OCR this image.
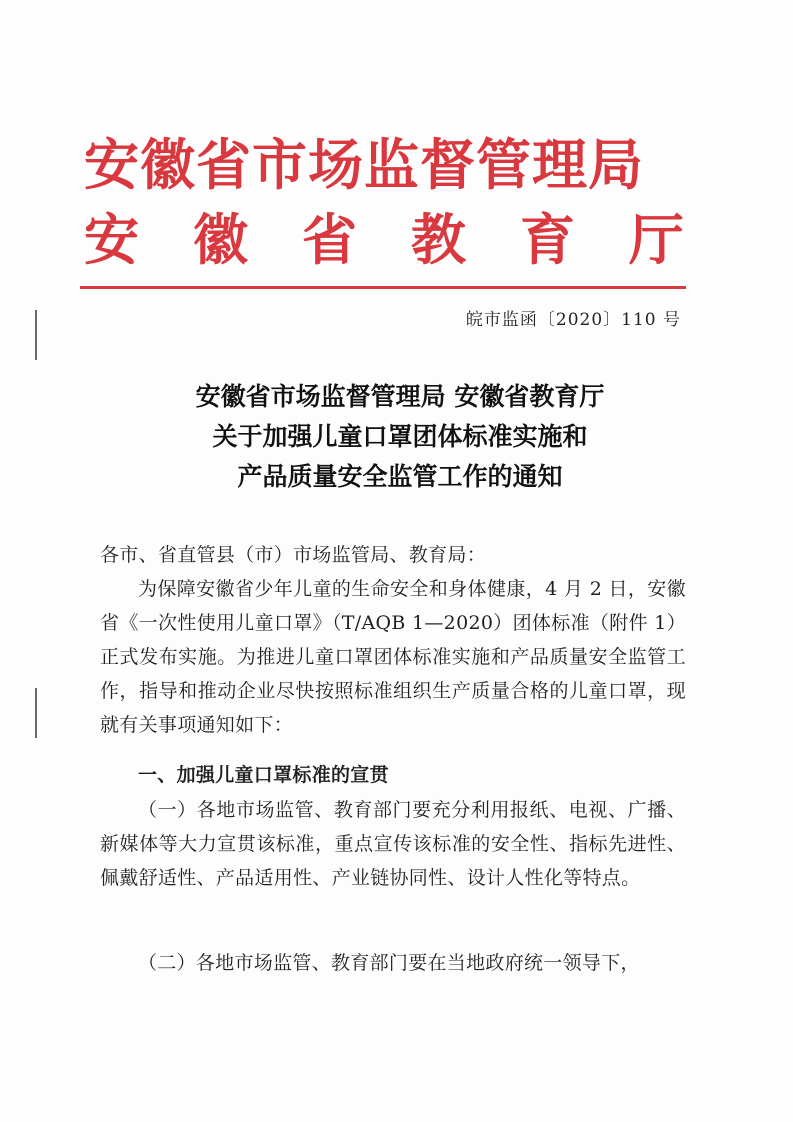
安徽省市场监督管理局
安 徽 省 教 育 厅
皖市监函〔2020〕110 号
安徽省市场监督管理局 安徽省教育厅
关于加强儿童口罩团体标准实施和
产品质量安全监管工作的通知
各市、省直管县（市）市场监管局、教育局：
为保障安徽省少年儿童的生命安全和身体健康，4 月 2 日，安徽省《一次性使用儿童口罩》（T/AQB 1—2020）团体标准（附件 1）正式发布实施。为推进儿童口罩团体标准实施和产品质量安全监管工作，指导和推动企业尽快按照标准组织生产质量合格的儿童口罩，现就有关事项通知如下：
一、加强儿童口罩标准的宣贯
（一）各地市场监管、教育部门要充分利用报纸、电视、广播、新媒体等大力宣贯该标准，重点宣传该标准的安全性、指标先进性、佩戴舒适性、产品适用性、产业链协同性、设计人性化等特点。
（二）各地市场监管、教育部门要在当地政府统一领导下，
